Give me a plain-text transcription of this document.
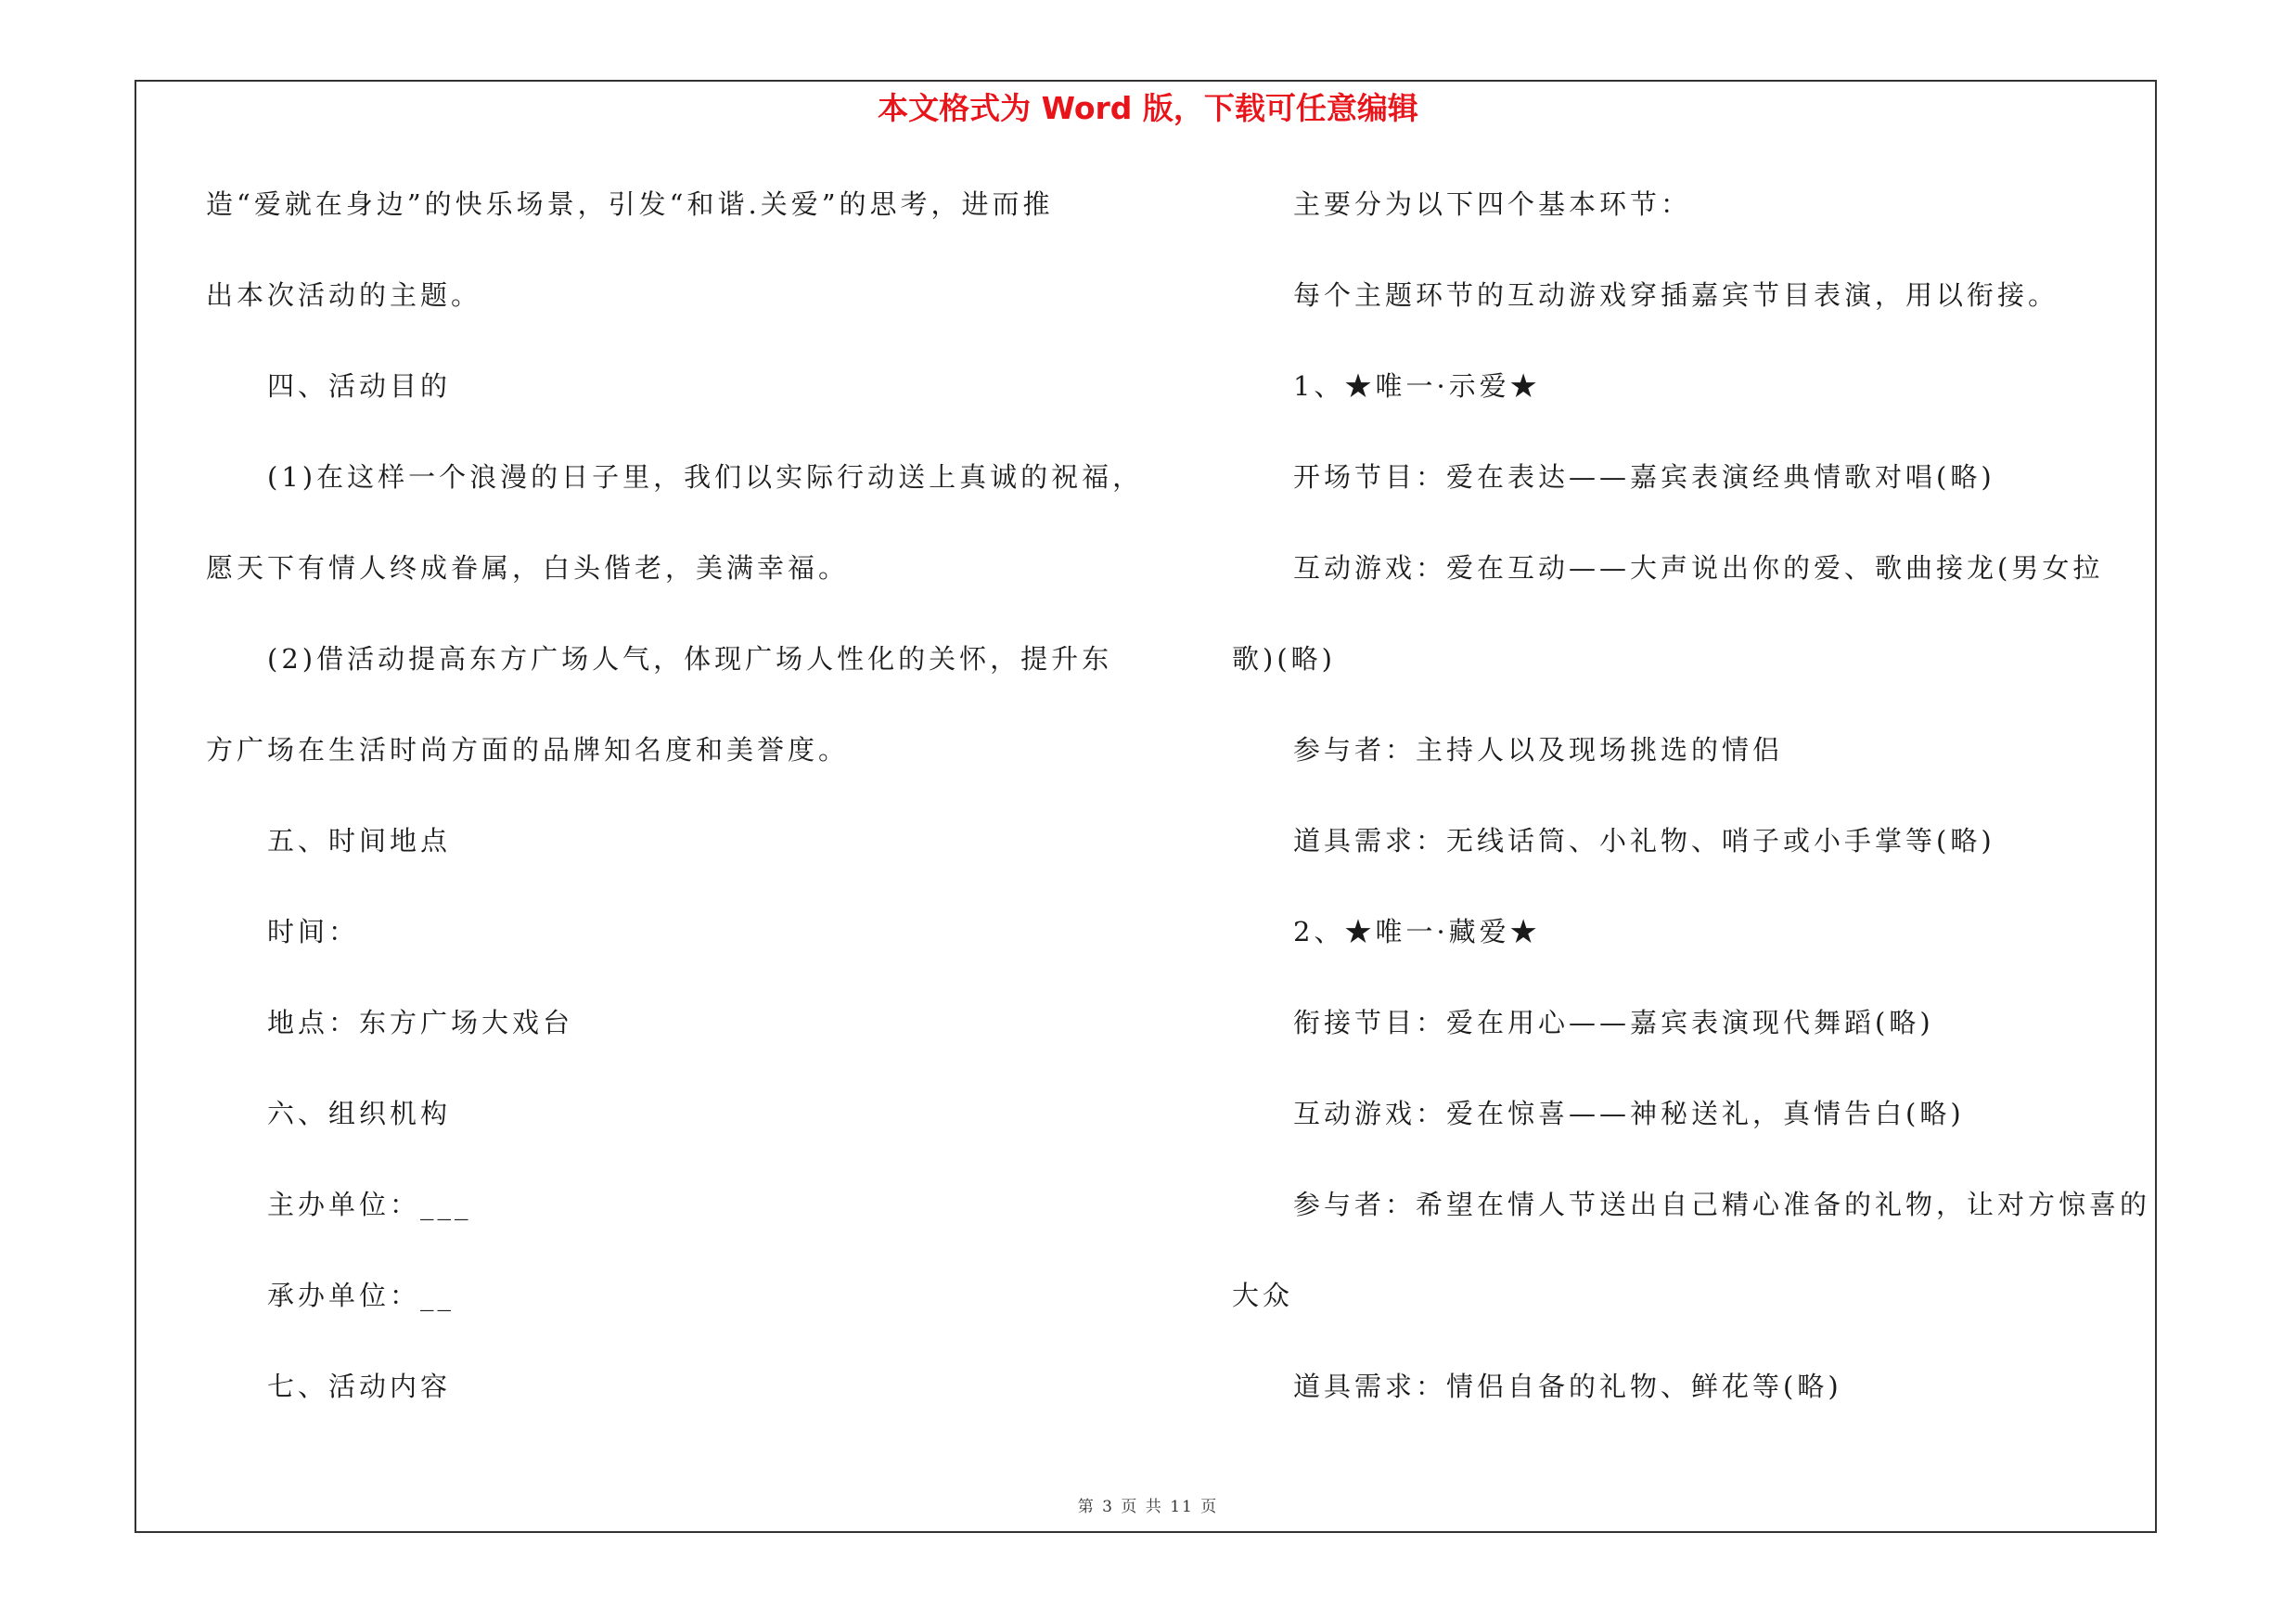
本文格式为 Word 版，下载可任意编辑

造“爱就在身边”的快乐场景，引发“和谐.关爱”的思考，进而推

出本次活动的主题。

四、活动目的

(1)在这样一个浪漫的日子里，我们以实际行动送上真诚的祝福，

愿天下有情人终成眷属，白头偕老，美满幸福。

(2)借活动提高东方广场人气，体现广场人性化的关怀，提升东

方广场在生活时尚方面的品牌知名度和美誉度。

五、时间地点

时间：

地点：东方广场大戏台

六、组织机构

主办单位：___

承办单位：__

七、活动内容

主要分为以下四个基本环节：

每个主题环节的互动游戏穿插嘉宾节目表演，用以衔接。

1、★唯一·示爱★

开场节目：爱在表达——嘉宾表演经典情歌对唱(略)

互动游戏：爱在互动——大声说出你的爱、歌曲接龙(男女拉

歌)(略)

参与者：主持人以及现场挑选的情侣

道具需求：无线话筒、小礼物、哨子或小手掌等(略)

2、★唯一·藏爱★

衔接节目：爱在用心——嘉宾表演现代舞蹈(略)

互动游戏：爱在惊喜——神秘送礼，真情告白(略)

参与者：希望在情人节送出自己精心准备的礼物，让对方惊喜的

大众

道具需求：情侣自备的礼物、鲜花等(略)

第 3 页 共 11 页
